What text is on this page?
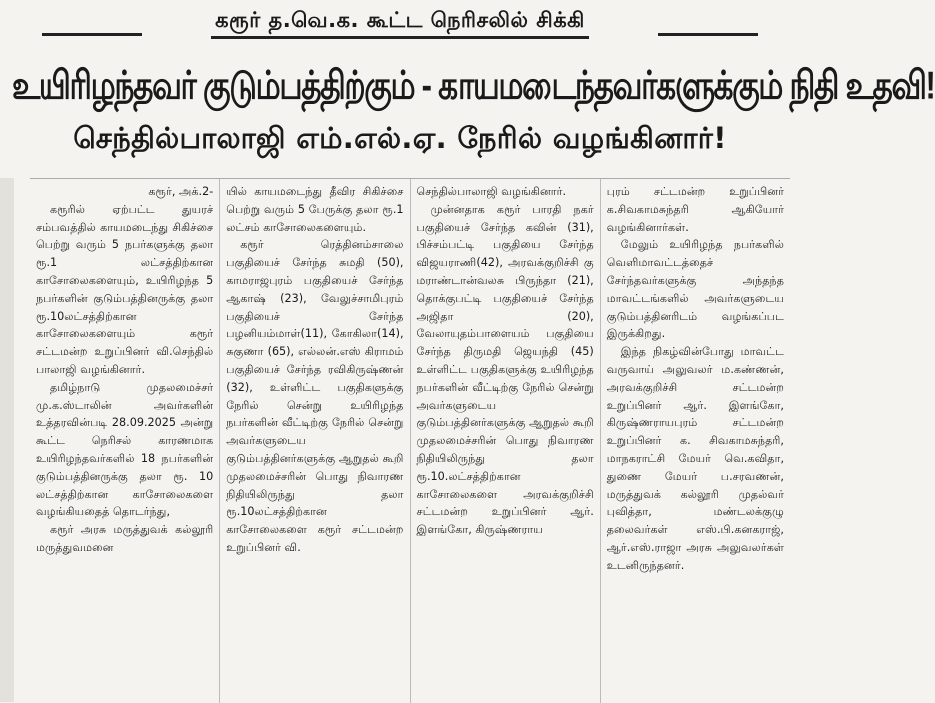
கரூர் த.வெ.க. கூட்ட நெரிசலில் சிக்கி
உயிரிழந்தவர் குடும்பத்திற்கும் - காயமடைந்தவர்களுக்கும் நிதி உதவி!
செந்தில்பாலாஜி எம்.எல்.ஏ. நேரில் வழங்கினார்!

கரூர், அக்.2-

கரூரில் ஏற்பட்ட துயரச் சம்பவத்தில் காயமடைந்து சிகிச்சை பெற்று வரும் 5 நபர்களுக்கு தலா ரூ.1 லட்சத்திற்கான காசோலைகளையும், உயிரிழந்த 5 நபர்களின் குடும்பத்தினருக்கு தலா ரூ.10லட்சத்திற்கான காசோலைகளையும் கரூர் சட்டமன்ற உறுப்பினர் வி.செந்தில் பாலாஜி வழங்கினார்.

தமிழ்நாடு முதலமைச்சர் மு.க.ஸ்டாலின் அவர்களின் உத்தரவின்படி 28.09.2025 அன்று கூட்ட நெரிசல் காரணமாக உயிரிழந்தவர்களில் 18 நபர்களின் குடும்பத்தினருக்கு தலா ரூ. 10 லட்சத்திற்கான காசோலைகளை வழங்கியதைத் தொடர்ந்து,

கரூர் அரசு மருத்துவக் கல்லூரி மருத்துவமனை

யில் காயமடைந்து தீவிர சிகிச்சை பெற்று வரும் 5 பேருக்கு தலா ரூ.1 லட்சம் காசோலைகளையும்.

கரூர் ரெத்தினம்சாலை பகுதியைச் சேர்ந்த சுமதி (50), காமராஜபுரம் பகுதியைச் சேர்ந்த ஆகாஷ் (23), வேலுச்சாமிபுரம் பகுதியைச் சேர்ந்த பழனியம்மாள்(11), கோகிலா(14), சுகுணா (65), எல்லன்.எஸ் கிராமம் பகுதியைச் சேர்ந்த ரவிகிருஷ்ணன் (32), உள்ளிட்ட பகுதிகளுக்கு நேரில் சென்று உயிரிழந்த நபர்களின் வீட்டிற்கு நேரில் சென்று அவர்களுடைய குடும்பத்தினர்களுக்கு ஆறுதல் கூறி முதலமைச்சரின் பொது நிவாரண நிதியிலிருந்து தலா ரூ.10லட்சத்திற்கான காசோலைகளை கரூர் சட்டமன்ற உறுப்பினர் வி.

செந்தில்பாலாஜி வழங்கினார்.

முன்னதாக கரூர் பாரதி நகர் பகுதியைச் சேர்ந்த கவின் (31), பிச்சம்பட்டி பகுதியை சேர்ந்த விஜயராணி(42), அரவக்குறிச்சி கு மராண்டான்வலசு பிருந்தா (21), தொக்குபட்டி பகுதியைச் சேர்ந்த அஜிதா (20), வேலாயுதம்பாளையம் பகுதியை சேர்ந்த திருமதி ஜெயந்தி (45) உள்ளிட்ட பகுதிகளுக்கு உயிரிழந்த நபர்களின் வீட்டிற்கு நேரில் சென்று அவர்களுடைய குடும்பத்தினர்களுக்கு ஆறுதல் கூறி முதலமைச்சரின் பொது நிவாரண நிதியிலிருந்து தலா ரூ.10.லட்சத்திற்கான காசோலைகளை அரவக்குறிச்சி சட்டமன்ற உறுப்பினர் ஆர். இளங்கோ, கிருஷ்ணராய

புரம் சட்டமன்ற உறுப்பினர் க.சிவகாமசுந்தரி ஆகியோர் வழங்கினார்கள்.

மேலும் உயிரிழந்த நபர்களில் வெளிமாவட்டத்தைச் சேர்ந்தவர்களுக்கு அந்தந்த மாவட்டங்களில் அவர்களுடைய குடும்பத்தினரிடம் வழங்கப்பட இருக்கிறது.

இந்த நிகழ்வின்போது மாவட்ட வருவாய் அலுவலர் ம.கண்ணன், அரவக்குறிச்சி சட்டமன்ற உறுப்பினர் ஆர். இளங்கோ, கிருஷ்ணராயபுரம் சட்டமன்ற உறுப்பினர் க. சிவகாமசுந்தரி, மாநகராட்சி மேயர் வெ.கவிதா, துணை மேயர் ப.சரவணன், மருத்துவக் கல்லூரி முதல்வர் புவித்தா, மண்டலக்குழு தலைவர்கள் எஸ்.பி.கனகராஜ், ஆர்.எஸ்.ராஜா அரசு அலுவலர்கள் உடனிருந்தனர்.
